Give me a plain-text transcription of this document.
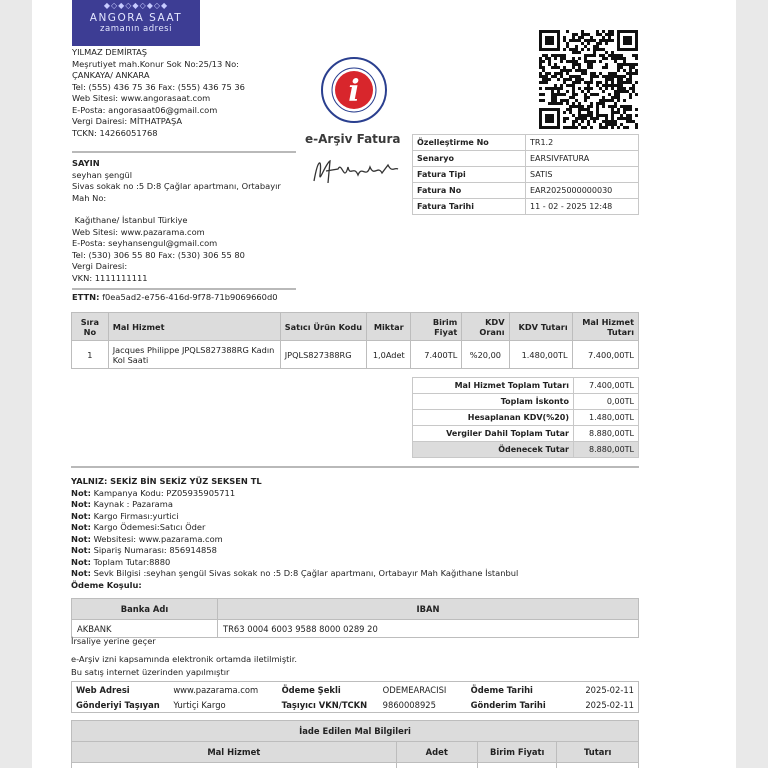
◆◇◆◇◆◇◆◇◆
ANGORA SAAT
zamanın adresi
YILMAZ DEMİRTAŞ
Meşrutiyet mah.Konur Sok No:25/13 No:
ÇANKAYA/ ANKARA
Tel: (555) 436 75 36 Fax: (555) 436 75 36
Web Sitesi: www.angorasaat.com
E-Posta: angorasaat06@gmail.com
Vergi Dairesi: MİTHATPAŞA
TCKN: 14266051768
i
e-Arşiv Fatura Özelleştirme No	TR1.2
Senaryo	EARSIVFATURA
Fatura Tipi	SATIS
Fatura No	EAR2025000000030
Fatura Tarihi	11 - 02 - 2025 12:48
SAYIN
seyhan şengül
Sivas sokak no :5 D:8 Çağlar apartmanı, Ortabayır
Mah No:
Kağıthane/ İstanbul Türkiye
Web Sitesi: www.pazarama.com
E-Posta: seyhansengul@gmail.com
Tel: (530) 306 55 80 Fax: (530) 306 55 80
Vergi Dairesi:
VKN: 1111111111
ETTN: f0ea5ad2-e756-416d-9f78-71b9069660d0
Sıra No	Mal Hizmet	Satıcı Ürün Kodu	Miktar	Birim Fiyat	KDV Oranı	KDV Tutarı	Mal Hizmet Tutarı
1	Jacques Philippe JPQLS827388RG Kadın Kol Saati	JPQLS827388RG	1,0Adet	7.400TL	%20,00	1.480,00TL	7.400,00TL
Mal Hizmet Toplam Tutarı	7.400,00TL
Toplam İskonto	0,00TL
Hesaplanan KDV(%20)	1.480,00TL
Vergiler Dahil Toplam Tutar	8.880,00TL
Ödenecek Tutar	8.880,00TL
YALNIZ: SEKİZ BİN SEKİZ YÜZ SEKSEN TL
Not: Kampanya Kodu: PZ05935905711
Not: Kaynak : Pazarama
Not: Kargo Firması:yurtici
Not: Kargo Ödemesi:Satıcı Öder
Not: Websitesi: www.pazarama.com
Not: Sipariş Numarası: 856914858
Not: Toplam Tutar:8880
Not: Sevk Bilgisi :seyhan şengül Sivas sokak no :5 D:8 Çağlar apartmanı, Ortabayır Mah Kağıthane İstanbul
Ödeme Koşulu:
Banka Adı	IBAN
AKBANK	TR63 0004 6003 9588 8000 0289 20
İrsaliye yerine geçer
e-Arşiv izni kapsamında elektronik ortamda iletilmiştir.
Bu satış internet üzerinden yapılmıştır
Web Adresi	www.pazarama.com	Ödeme Şekli	ODEMEARACISI	Ödeme Tarihi	2025-02-11
Gönderiyi Taşıyan	Yurtiçi Kargo	Taşıyıcı VKN/TCKN	9860008925	Gönderim Tarihi	2025-02-11
İade Edilen Mal Bilgileri			
Mal Hizmet	Adet	Birim Fiyatı	Tutarı
